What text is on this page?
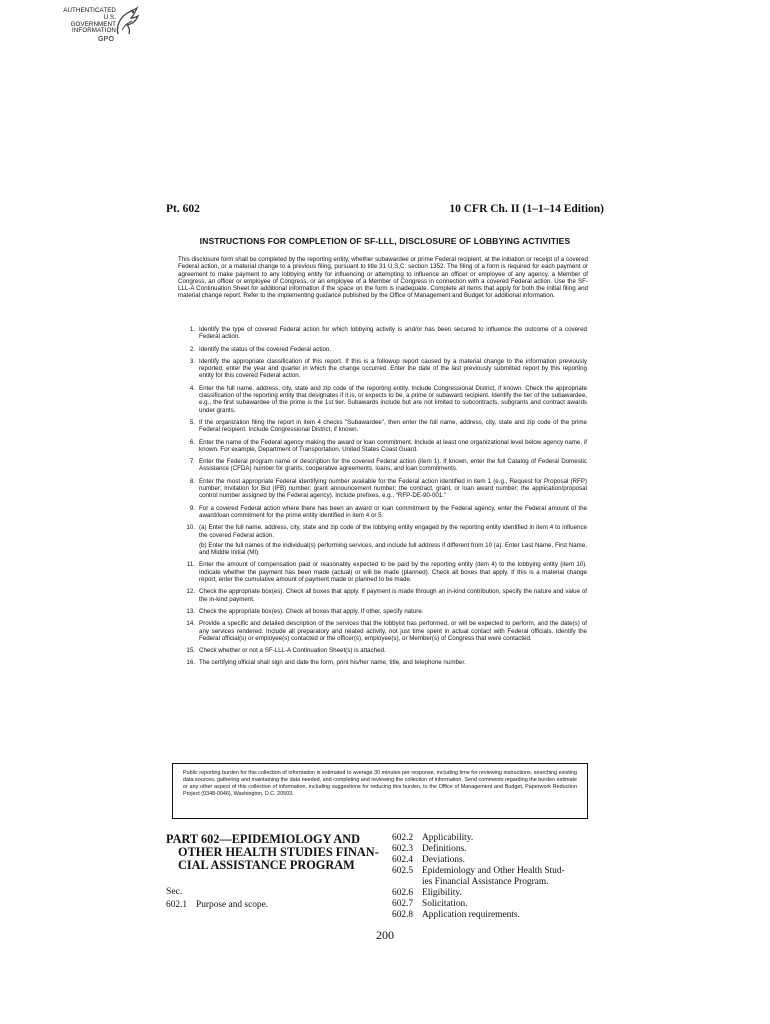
AUTHENTICATED
U.S. GOVERNMENT
INFORMATION
GPO
Pt. 602	10 CFR Ch. II (1–1–14 Edition)
INSTRUCTIONS FOR COMPLETION OF SF-LLL, DISCLOSURE OF LOBBYING ACTIVITIES

This disclosure form shall be completed by the reporting entity, whether subawardee or prime Federal recipient, at the initiation or receipt of a covered Federal action, or a material change to a previous filing, pursuant to title 31 U.S.C. section 1352. The filing of a form is required for each payment or agreement to make payment to any lobbying entity for influencing or attempting to influence an officer or employee of any agency, a Member of Congress, an officer or employee of Congress, or an employee of a Member of Congress in connection with a covered Federal action. Use the SF-LLL-A Continuation Sheet for additional information if the space on the form is inadequate. Complete all items that apply for both the initial filing and material change report. Refer to the implementing guidance published by the Office of Management and Budget for additional information.

1. Identify the type of covered Federal action for which lobbying activity is and/or has been secured to influence the outcome of a covered Federal action.
2. Identify the status of the covered Federal action.
3. Identify the appropriate classification of this report. If this is a followup report caused by a material change to the information previously reported, enter the year and quarter in which the change occurred. Enter the date of the last previously submitted report by this reporting entity for this covered Federal action.
4. Enter the full name, address, city, state and zip code of the reporting entity. Include Congressional District, if known. Check the appropriate classification of the reporting entity that designates if it is, or expects to be, a prime or subaward recipient. Identify the tier of the subawardee, e.g., the first subawardee of the prime is the 1st tier. Subawards include but are not limited to subcontracts, subgrants and contract awards under grants.
5. If the organization filing the report in item 4 checks "Subawardee", then enter the full name, address, city, state and zip code of the prime Federal recipient. Include Congressional District, if known.
6. Enter the name of the Federal agency making the award or loan commitment. Include at least one organizational level below agency name, if known. For example, Department of Transportation, United States Coast Guard.
7. Enter the Federal program name or description for the covered Federal action (item 1). If known, enter the full Catalog of Federal Domestic Assistance (CFDA) number for grants, cooperative agreements, loans, and loan commitments.
8. Enter the most appropriate Federal identifying number available for the Federal action identified in item 1 (e.g., Request for Proposal (RFP) number; Invitation for Bid (IFB) number; grant announcement number; the contract, grant, or loan award number; the application/proposal control number assigned by the Federal agency). Include prefixes, e.g., "RFP-DE-90-001."
9. For a covered Federal action where there has been an award or loan commitment by the Federal agency, enter the Federal amount of the award/loan commitment for the prime entity identified in item 4 or 5.
10. (a) Enter the full name, address, city, state and zip code of the lobbying entity engaged by the reporting entity identified in item 4 to influence the covered Federal action.
(b) Enter the full names of the individual(s) performing services, and include full address if different from 10 (a). Enter Last Name, First Name, and Middle Initial (MI).
11. Enter the amount of compensation paid or reasonably expected to be paid by the reporting entity (item 4) to the lobbying entity (item 10). Indicate whether the payment has been made (actual) or will be made (planned). Check all boxes that apply. If this is a material change report, enter the cumulative amount of payment made or planned to be made.
12. Check the appropriate box(es). Check all boxes that apply. If payment is made through an in-kind contribution, specify the nature and value of the in-kind payment.
13. Check the appropriate box(es). Check all boxes that apply. If other, specify nature.
14. Provide a specific and detailed description of the services that the lobbyist has performed, or will be expected to perform, and the date(s) of any services rendered. Include all preparatory and related activity, not just time spent in actual contact with Federal officials. Identify the Federal official(s) or employee(s) contacted or the officer(s), employee(s), or Member(s) of Congress that were contacted.
15. Check whether or not a SF-LLL-A Continuation Sheet(s) is attached.
16. The certifying official shall sign and date the form, print his/her name, title, and telephone number.
Public reporting burden for this collection of information is estimated to average 30 minutes per response, including time for reviewing instructions, searching existing data sources, gathering and maintaining the data needed, and completing and reviewing the collection of information. Send comments regarding the burden estimate or any other aspect of this collection of information, including suggestions for reducing this burden, to the Office of Management and Budget, Paperwork Reduction Project (0348-0046), Washington, D.C. 20503.
PART 602—EPIDEMIOLOGY AND
OTHER HEALTH STUDIES FINAN-
CIAL ASSISTANCE PROGRAM
Sec.
602.1 Purpose and scope.
602.2 Applicability.
602.3 Definitions.
602.4 Deviations.
602.5 Epidemiology and Other Health Stud-
ies Financial Assistance Program.
602.6 Eligibility.
602.7 Solicitation.
602.8 Application requirements.
200
